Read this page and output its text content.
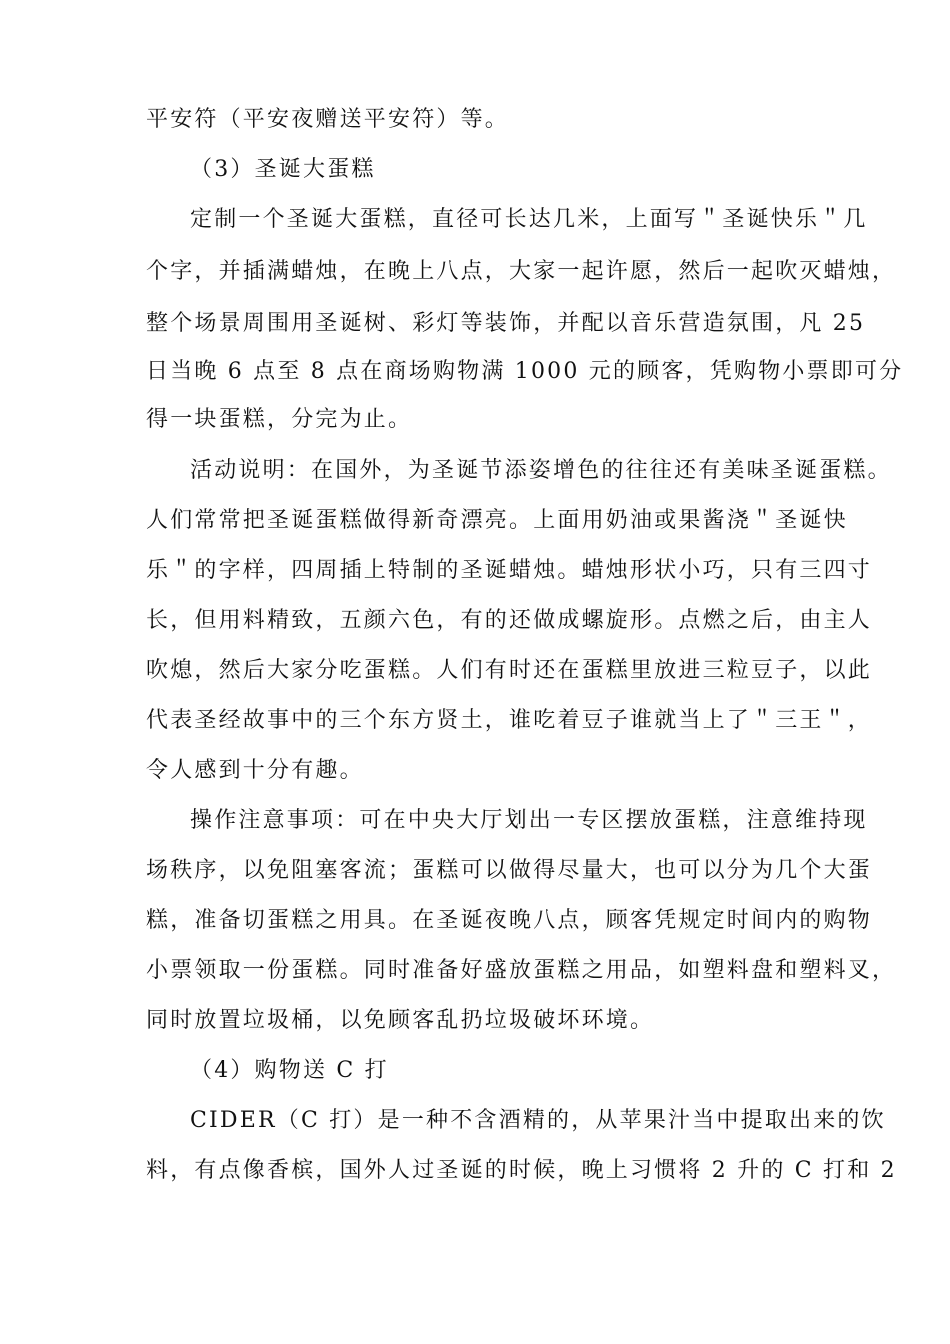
平安符（平安夜赠送平安符）等。
（3）圣诞大蛋糕
定制一个圣诞大蛋糕，直径可长达几米，上面写＂圣诞快乐＂几
个字，并插满蜡烛，在晚上八点，大家一起许愿，然后一起吹灭蜡烛，
整个场景周围用圣诞树、彩灯等装饰，并配以音乐营造氛围，凡 25
日当晚 6 点至 8 点在商场购物满 1000 元的顾客，凭购物小票即可分
得一块蛋糕，分完为止。
活动说明：在国外，为圣诞节添姿增色的往往还有美味圣诞蛋糕。
人们常常把圣诞蛋糕做得新奇漂亮。上面用奶油或果酱浇＂圣诞快
乐＂的字样，四周插上特制的圣诞蜡烛。蜡烛形状小巧，只有三四寸
长，但用料精致，五颜六色，有的还做成螺旋形。点燃之后，由主人
吹熄，然后大家分吃蛋糕。人们有时还在蛋糕里放进三粒豆子，以此
代表圣经故事中的三个东方贤土，谁吃着豆子谁就当上了＂三王＂，
令人感到十分有趣。
操作注意事项：可在中央大厅划出一专区摆放蛋糕，注意维持现
场秩序，以免阻塞客流；蛋糕可以做得尽量大，也可以分为几个大蛋
糕，准备切蛋糕之用具。在圣诞夜晚八点，顾客凭规定时间内的购物
小票领取一份蛋糕。同时准备好盛放蛋糕之用品，如塑料盘和塑料叉，
同时放置垃圾桶，以免顾客乱扔垃圾破坏环境。
（4）购物送 C 打
CIDER（C 打）是一种不含酒精的，从苹果汁当中提取出来的饮
料，有点像香槟，国外人过圣诞的时候，晚上习惯将 2 升的 C 打和 2
